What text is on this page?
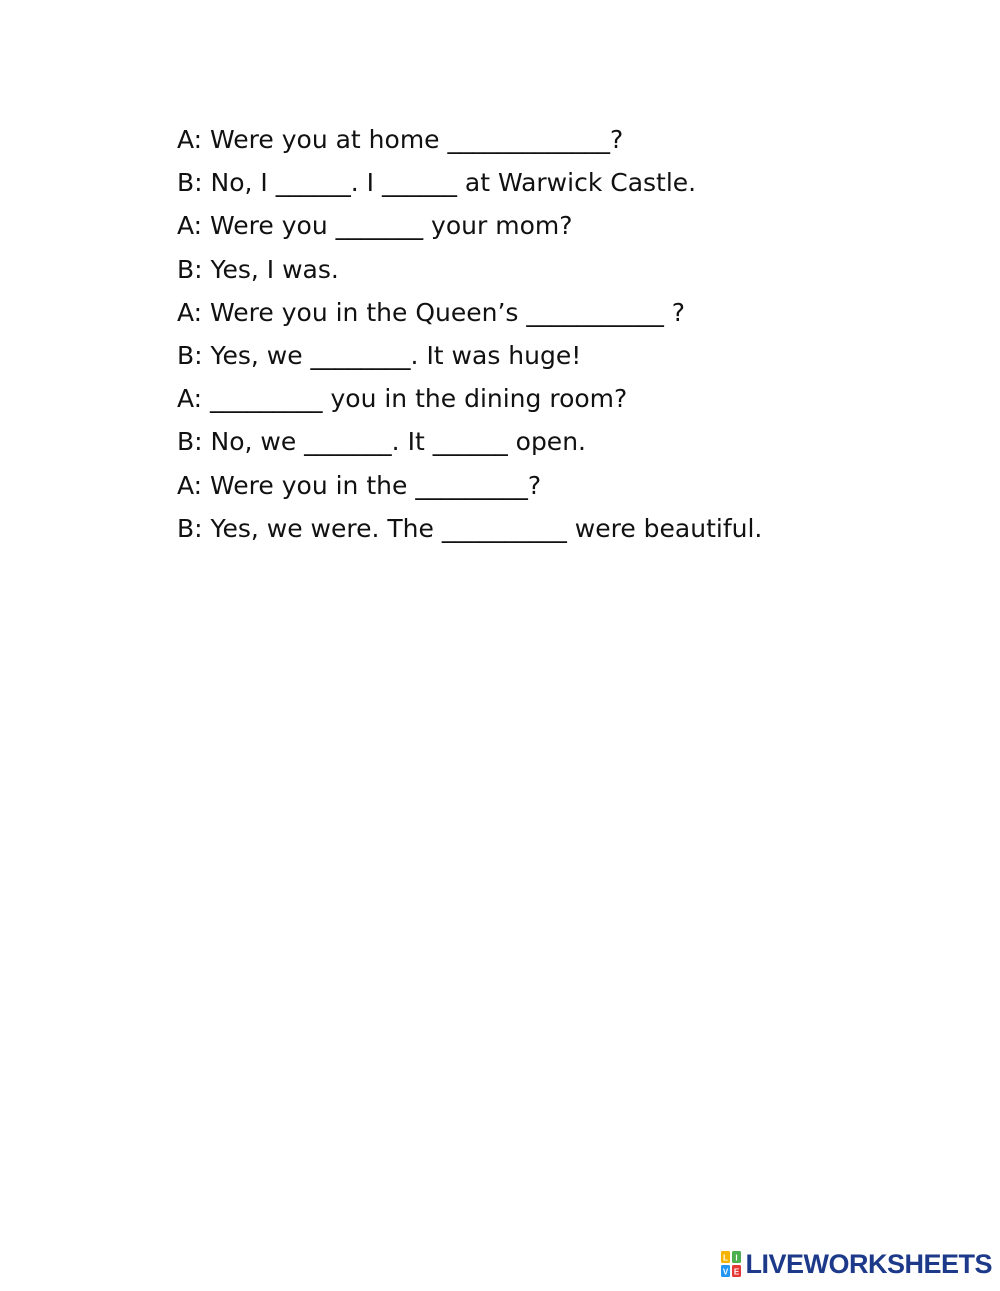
A: Were you at home _____________?
B: No, I ______. I ______ at Warwick Castle.
A: Were you _______ your mom?
B: Yes, I was.
A: Were you in the Queen’s ___________ ?
B: Yes, we ________. It was huge!
A: _________ you in the dining room?
B: No, we _______. It ______ open.
A: Were you in the _________?
B: Yes, we were. The __________ were beautiful.
L I
V E LIVEWORKSHEETS
